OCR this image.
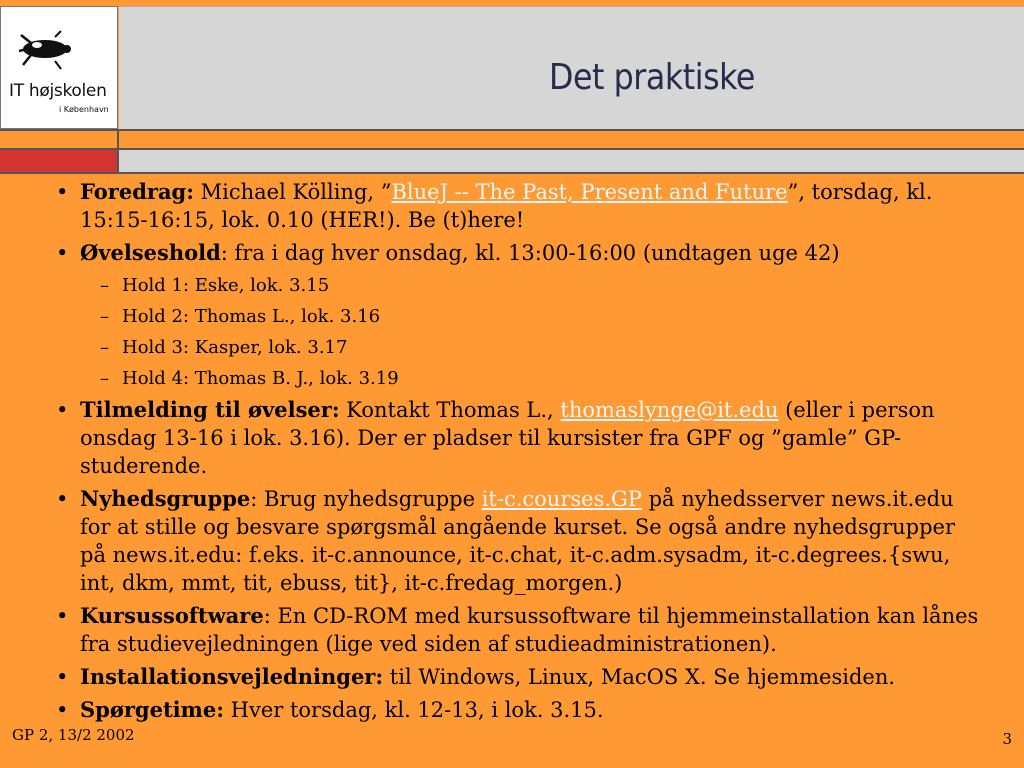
IT højskolen
i København
Det praktiske
• Foredrag: Michael Kölling, ”BlueJ -- The Past, Present and Future”, torsdag, kl. 15:15-16:15, lok. 0.10 (HER!). Be (t)here!
• Øvelseshold: fra i dag hver onsdag, kl. 13:00-16:00 (undtagen uge 42)
– Hold 1: Eske, lok. 3.15
– Hold 2: Thomas L., lok. 3.16
– Hold 3: Kasper, lok. 3.17
– Hold 4: Thomas B. J., lok. 3.19
• Tilmelding til øvelser: Kontakt Thomas L., thomaslynge@it.edu (eller i person onsdag 13-16 i lok. 3.16). Der er pladser til kursister fra GPF og ”gamle” GP-studerende.
• Nyhedsgruppe: Brug nyhedsgruppe it-c.courses.GP på nyhedsserver news.it.edu for at stille og besvare spørgsmål angående kurset. Se også andre nyhedsgrupper på news.it.edu: f.eks. it-c.announce, it-c.chat, it-c.adm.sysadm, it-c.degrees.{swu, int, dkm, mmt, tit, ebuss, tit}, it-c.fredag_morgen.)
• Kursussoftware: En CD-ROM med kursussoftware til hjemmeinstallation kan lånes fra studievejledningen (lige ved siden af studieadministrationen).
• Installationsvejledninger: til Windows, Linux, MacOS X. Se hjemmesiden.
• Spørgetime: Hver torsdag, kl. 12-13, i lok. 3.15.
GP 2, 13/2 2002	3
